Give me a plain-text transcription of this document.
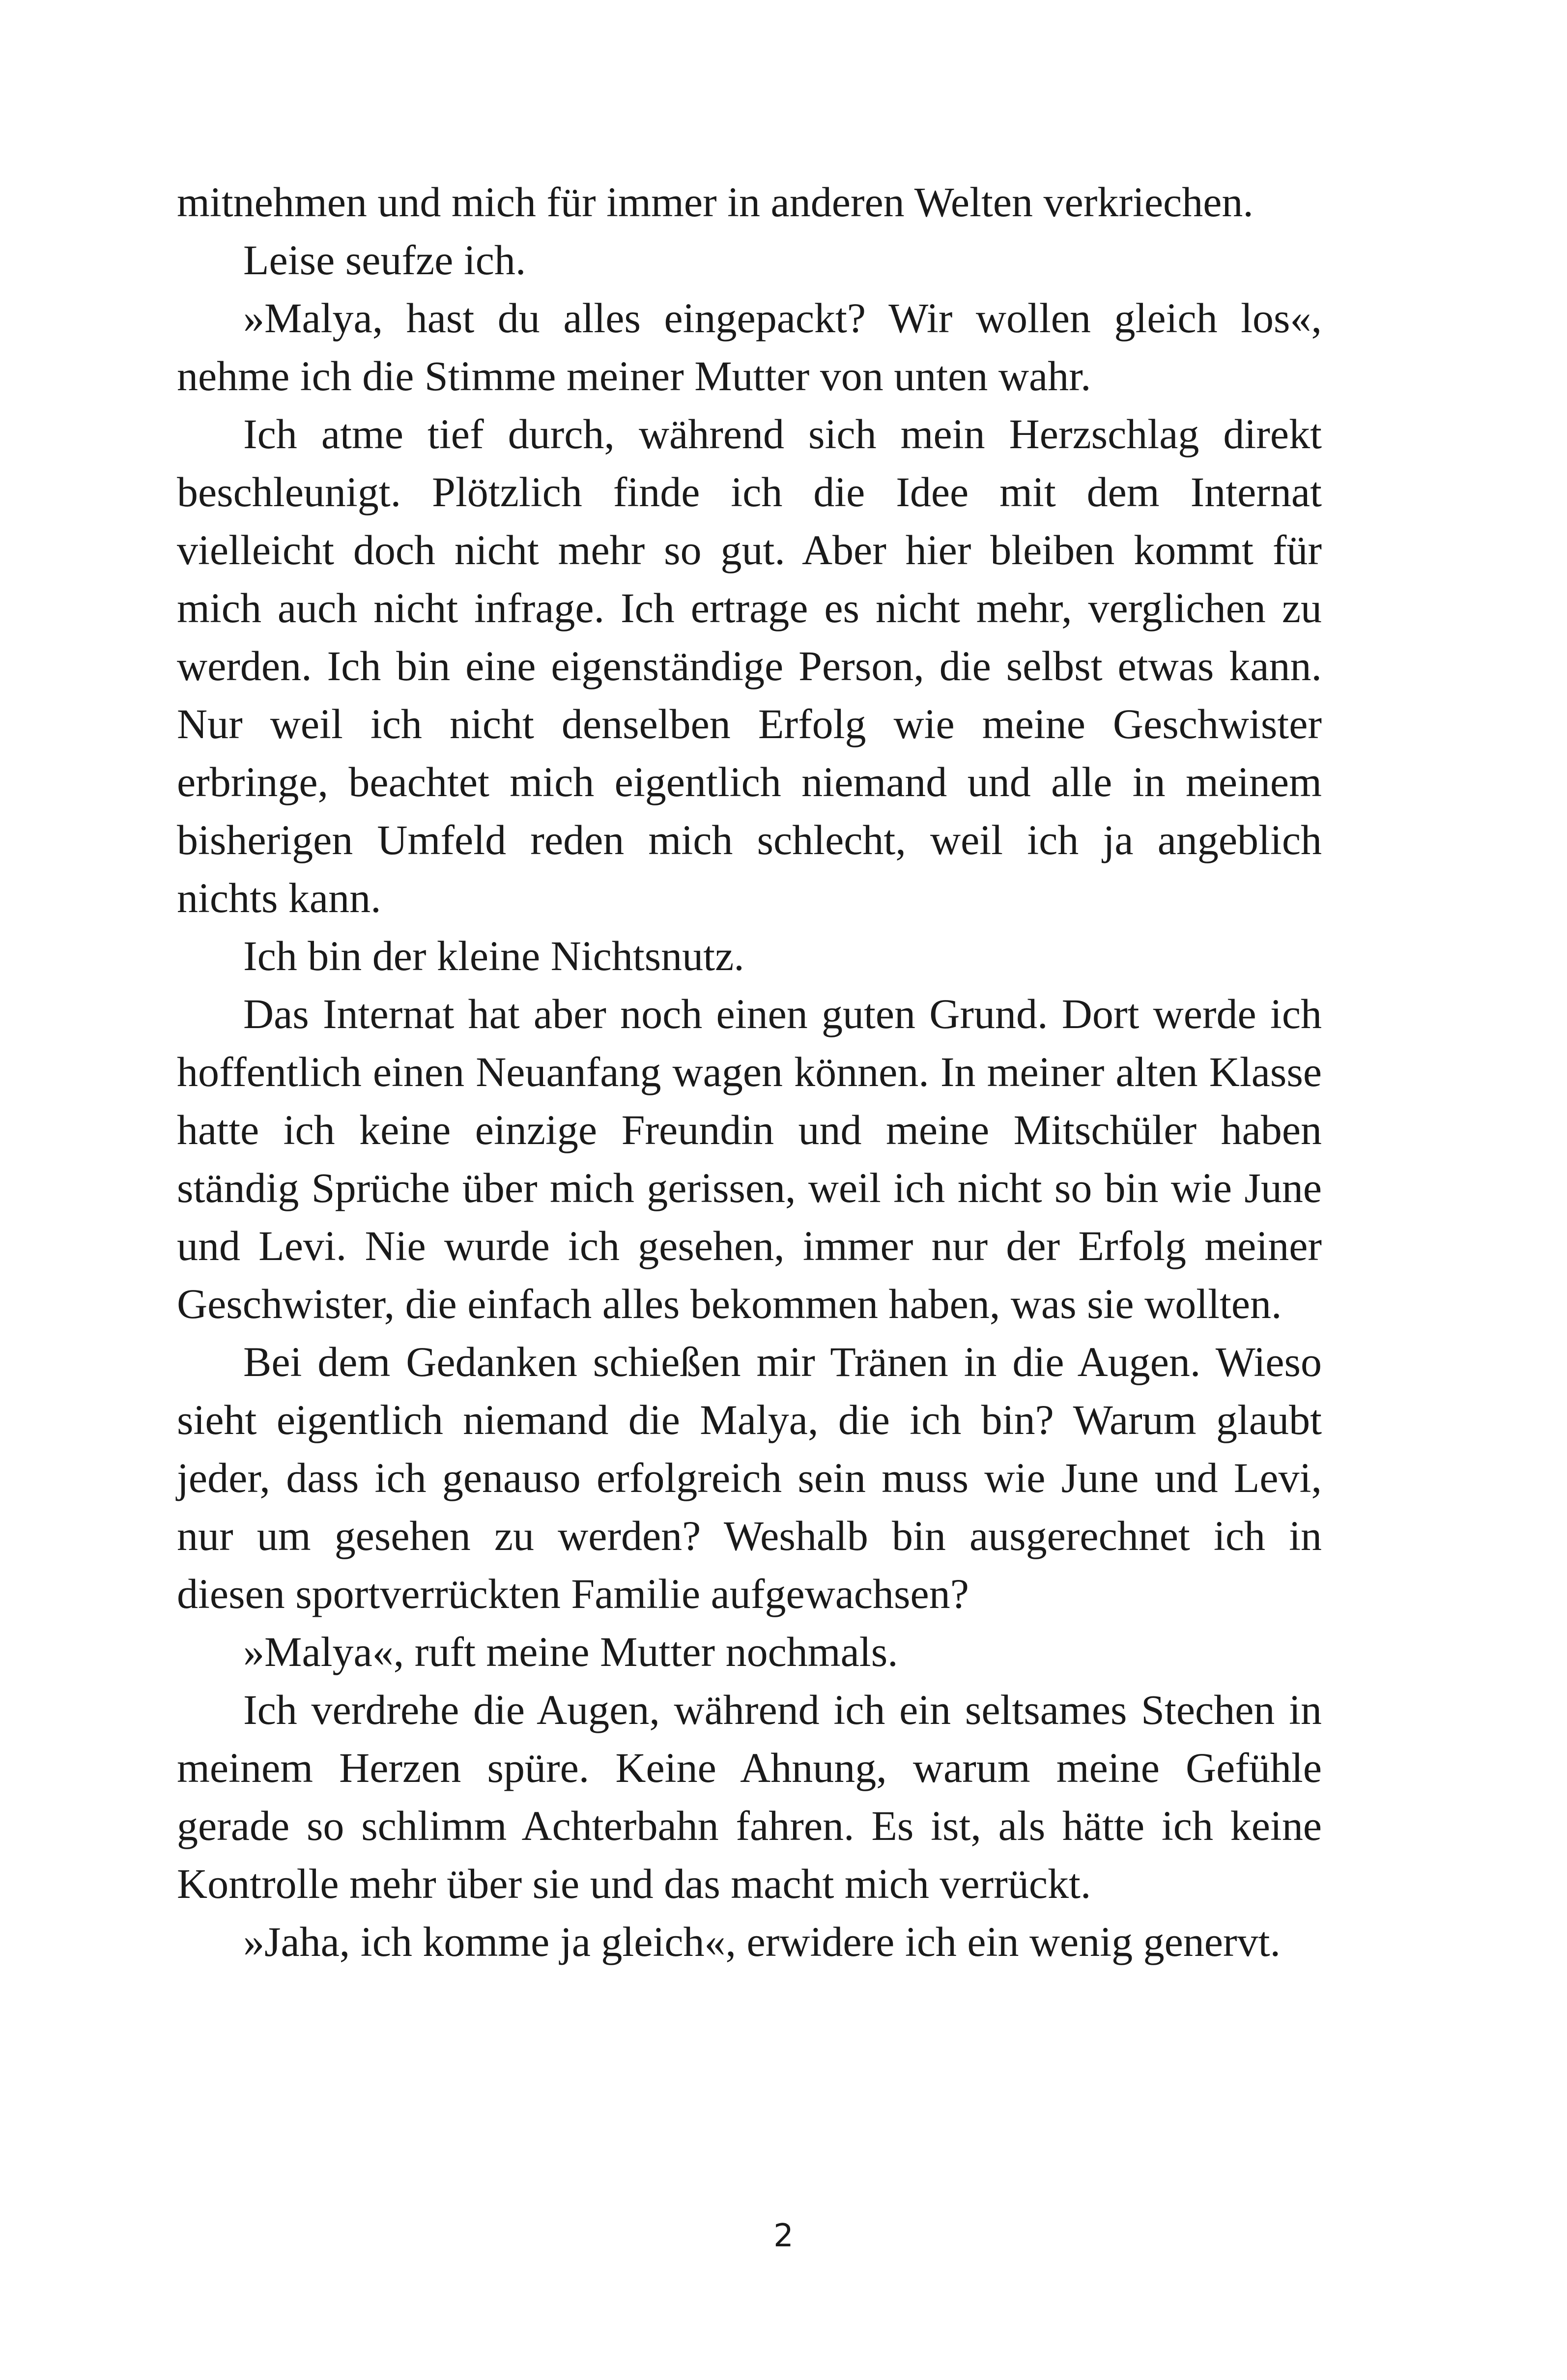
mitnehmen und mich für immer in anderen Welten verkriechen.

Leise seufze ich.

»Malya, hast du alles eingepackt? Wir wollen gleich los«, nehme ich die Stimme meiner Mutter von unten wahr.

Ich atme tief durch, während sich mein Herzschlag direkt beschleunigt. Plötzlich finde ich die Idee mit dem Internat vielleicht doch nicht mehr so gut. Aber hier bleiben kommt für mich auch nicht infrage. Ich ertrage es nicht mehr, verglichen zu werden. Ich bin eine eigenständige Person, die selbst etwas kann. Nur weil ich nicht denselben Erfolg wie meine Geschwister erbringe, beachtet mich eigentlich niemand und alle in meinem bisherigen Umfeld reden mich schlecht, weil ich ja angeblich nichts kann.

Ich bin der kleine Nichtsnutz.

Das Internat hat aber noch einen guten Grund. Dort werde ich hoffentlich einen Neuanfang wagen können. In meiner alten Klasse hatte ich keine einzige Freundin und meine Mitschüler haben ständig Sprüche über mich gerissen, weil ich nicht so bin wie June und Levi. Nie wurde ich gesehen, immer nur der Erfolg meiner Geschwister, die einfach alles bekommen haben, was sie wollten.

Bei dem Gedanken schießen mir Tränen in die Augen. Wieso sieht eigentlich niemand die Malya, die ich bin? Warum glaubt jeder, dass ich genauso erfolgreich sein muss wie June und Levi, nur um gesehen zu werden? Weshalb bin ausgerechnet ich in diesen sportverrückten Familie aufgewachsen?

»Malya«, ruft meine Mutter nochmals.

Ich verdrehe die Augen, während ich ein seltsames Stechen in meinem Herzen spüre. Keine Ahnung, warum meine Gefühle gerade so schlimm Achterbahn fahren. Es ist, als hätte ich keine Kontrolle mehr über sie und das macht mich verrückt.

»Jaha, ich komme ja gleich«, erwidere ich ein wenig genervt.

2
